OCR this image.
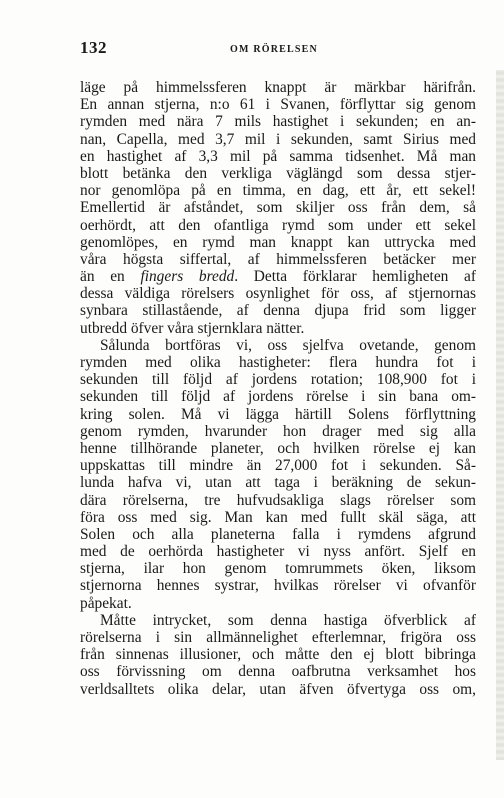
132	OM RÖRELSEN
läge på himmelssferen knappt är märkbar härifrån.
En annan stjerna, n:o 61 i Svanen, förflyttar sig genom
rymden med nära 7 mils hastighet i sekunden; en an-
nan, Capella, med 3,7 mil i sekunden, samt Sirius med
en hastighet af 3,3 mil på samma tidsenhet. Må man
blott betänka den verkliga väglängd som dessa stjer-
nor genomlöpa på en timma, en dag, ett år, ett sekel!
Emellertid är afståndet, som skiljer oss från dem, så
oerhördt, att den ofantliga rymd som under ett sekel
genomlöpes, en rymd man knappt kan uttrycka med
våra högsta siffertal, af himmelssferen betäcker mer
än en fingers bredd. Detta förklarar hemligheten af
dessa väldiga rörelsers osynlighet för oss, af stjernornas
synbara stillastående, af denna djupa frid som ligger
utbredd öfver våra stjernklara nätter.
Sålunda bortföras vi, oss sjelfva ovetande, genom
rymden med olika hastigheter: flera hundra fot i
sekunden till följd af jordens rotation; 108,900 fot i
sekunden till följd af jordens rörelse i sin bana om-
kring solen. Må vi lägga härtill Solens förflyttning
genom rymden, hvarunder hon drager med sig alla
henne tillhörande planeter, och hvilken rörelse ej kan
uppskattas till mindre än 27,000 fot i sekunden. Så-
lunda hafva vi, utan att taga i beräkning de sekun-
dära rörelserna, tre hufvudsakliga slags rörelser som
föra oss med sig. Man kan med fullt skäl säga, att
Solen och alla planeterna falla i rymdens afgrund
med de oerhörda hastigheter vi nyss anfört. Sjelf en
stjerna, ilar hon genom tomrummets öken, liksom
stjernorna hennes systrar, hvilkas rörelser vi ofvanför
påpekat.
Måtte intrycket, som denna hastiga öfverblick af
rörelserna i sin allmännelighet efterlemnar, frigöra oss
från sinnenas illusioner, och måtte den ej blott bibringa
oss förvissning om denna oafbrutna verksamhet hos
verldsalltets olika delar, utan äfven öfvertyga oss om,
